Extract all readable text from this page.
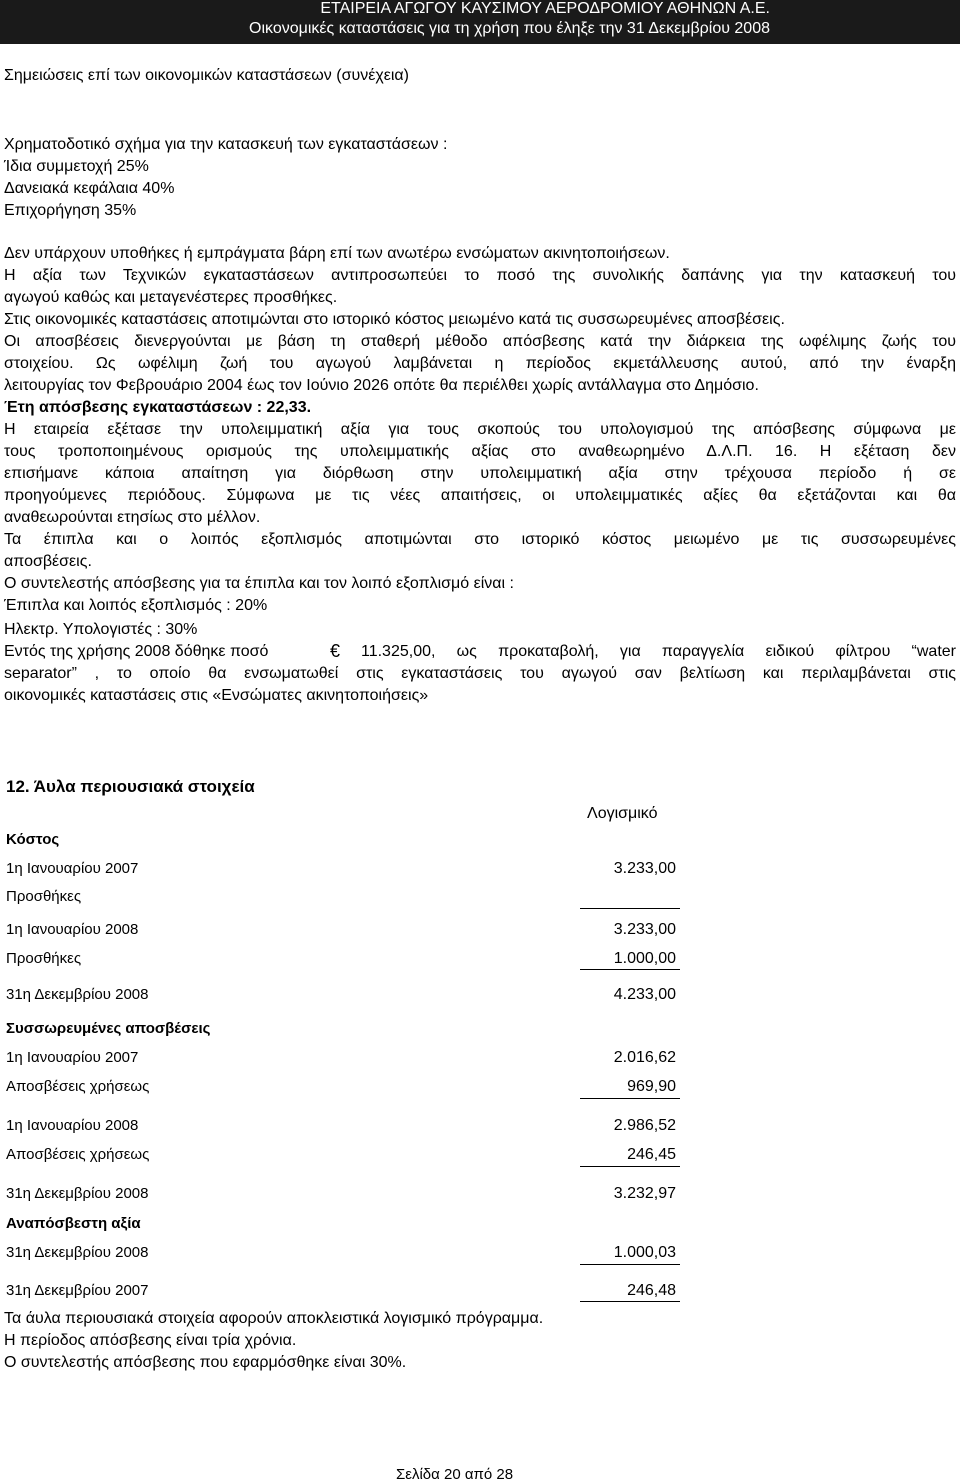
ΕΤΑΙΡΕΙΑ ΑΓΩΓΟΥ ΚΑΥΣΙΜΟΥ ΑΕΡΟΔΡΟΜΙΟΥ ΑΘΗΝΩΝ Α.Ε.
Οικονομικές καταστάσεις για τη χρήση που έληξε την 31 Δεκεμβρίου 2008
Σημειώσεις επί των οικονομικών καταστάσεων (συνέχεια)
Χρηματοδοτικό σχήμα για την κατασκευή των εγκαταστάσεων :
Ίδια συμμετοχή 25%
Δανειακά κεφάλαια 40%
Επιχορήγηση 35%
Δεν υπάρχουν υποθήκες ή εμπράγματα βάρη επί των ανωτέρω ενσώματων ακινητοποιήσεων.
Η αξία των Τεχνικών εγκαταστάσεων αντιπροσωπεύει το ποσό της συνολικής δαπάνης για την κατασκευή του
αγωγού καθώς και μεταγενέστερες προσθήκες.
Στις οικονομικές καταστάσεις αποτιμώνται στο ιστορικό κόστος μειωμένο κατά τις συσσωρευμένες αποσβέσεις.
Οι αποσβέσεις διενεργούνται με βάση τη σταθερή μέθοδο απόσβεσης κατά την διάρκεια της ωφέλιμης ζωής του
στοιχείου. Ως ωφέλιμη ζωή του αγωγού λαμβάνεται η περίοδος εκμετάλλευσης αυτού, από την έναρξη
λειτουργίας τον Φεβρουάριο 2004 έως τον Ιούνιο 2026 οπότε θα περιέλθει χωρίς αντάλλαγμα στο Δημόσιο.
Έτη απόσβεσης εγκαταστάσεων : 22,33.
Η εταιρεία εξέτασε την υπολειμματική αξία για τους σκοπούς του υπολογισμού της απόσβεσης σύμφωνα με
τους τροποποιημένους ορισμούς της υπολειμματικής αξίας στο αναθεωρημένο Δ.Λ.Π. 16. Η εξέταση δεν
επισήμανε κάποια απαίτηση για διόρθωση στην υπολειμματική αξία στην τρέχουσα περίοδο ή σε
προηγούμενες περιόδους. Σύμφωνα με τις νέες απαιτήσεις, οι υπολειμματικές αξίες θα εξετάζονται και θα
αναθεωρούνται ετησίως στο μέλλον.
Τα έπιπλα και ο λοιπός εξοπλισμός αποτιμώνται στο ιστορικό κόστος μειωμένο με τις συσσωρευμένες
αποσβέσεις.
Ο συντελεστής απόσβεσης για τα έπιπλα και τον λοιπό εξοπλισμό είναι :
Έπιπλα και λοιπός εξοπλισμός : 20%
Ηλεκτρ. Υπολογιστές : 30%
Εντός της χρήσης 2008 δόθηκε ποσό	€ 11.325,00, ως προκαταβολή, για παραγγελία ειδικού φίλτρου “water
separator” , το οποίο θα ενσωματωθεί στις εγκαταστάσεις του αγωγού σαν βελτίωση και περιλαμβάνεται στις
οικονομικές καταστάσεις στις «Ενσώματες ακινητοποιήσεις»
12. Άυλα περιουσιακά στοιχεία
Λογισμικό
Κόστος
1η Ιανουαρίου 2007	3.233,00
Προσθήκες
1η Ιανουαρίου 2008	3.233,00
Προσθήκες	1.000,00
31η Δεκεμβρίου 2008	4.233,00
Συσσωρευμένες αποσβέσεις
1η Ιανουαρίου 2007	2.016,62
Αποσβέσεις χρήσεως	969,90
1η Ιανουαρίου 2008	2.986,52
Αποσβέσεις χρήσεως	246,45
31η Δεκεμβρίου 2008	3.232,97
Αναπόσβεστη αξία
31η Δεκεμβρίου 2008	1.000,03
31η Δεκεμβρίου 2007	246,48
Τα άυλα περιουσιακά στοιχεία αφορούν αποκλειστικά λογισμικό πρόγραμμα.
Η περίοδος απόσβεσης είναι τρία χρόνια.
Ο συντελεστής απόσβεσης που εφαρμόσθηκε είναι 30%.
Σελίδα 20 από 28
